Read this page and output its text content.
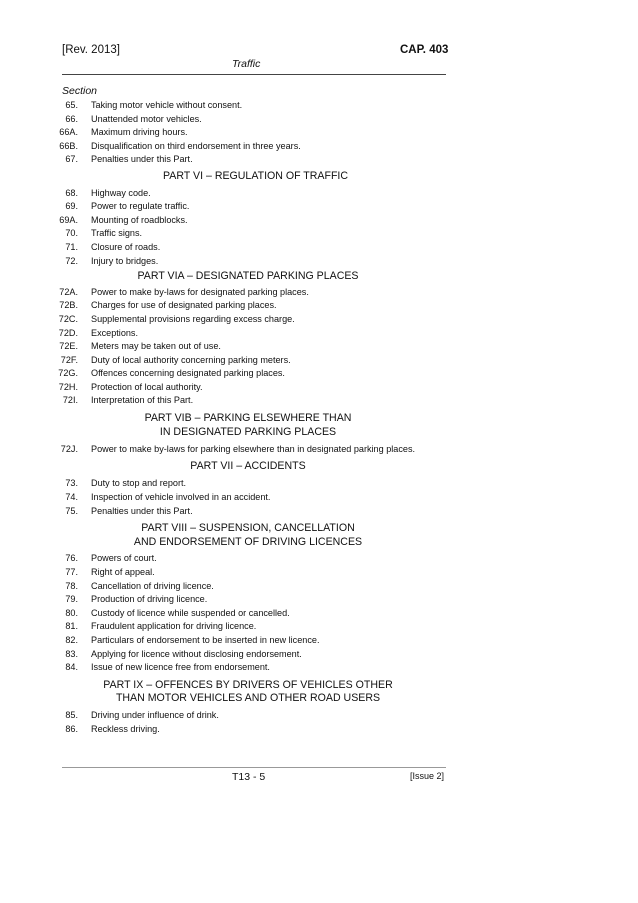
[Rev. 2013]	CAP. 403
Traffic
Section
65.	Taking motor vehicle without consent.
66.	Unattended motor vehicles.
66A.	Maximum driving hours.
66B.	Disqualification on third endorsement in three years.
67.	Penalties under this Part.
PART VI – REGULATION OF TRAFFIC
68.	Highway code.
69.	Power to regulate traffic.
69A.	Mounting of roadblocks.
70.	Traffic signs.
71.	Closure of roads.
72.	Injury to bridges.
PART VIA – DESIGNATED PARKING PLACES
72A.	Power to make by-laws for designated parking places.
72B.	Charges for use of designated parking places.
72C.	Supplemental provisions regarding excess charge.
72D.	Exceptions.
72E.	Meters may be taken out of use.
72F.	Duty of local authority concerning parking meters.
72G.	Offences concerning designated parking places.
72H.	Protection of local authority.
72I.	Interpretation of this Part.
PART VIB – PARKING ELSEWHERE THAN
IN DESIGNATED PARKING PLACES
72J.	Power to make by-laws for parking elsewhere than in designated parking places.
PART VII – ACCIDENTS
73.	Duty to stop and report.
74.	Inspection of vehicle involved in an accident.
75.	Penalties under this Part.
PART VIII – SUSPENSION, CANCELLATION
AND ENDORSEMENT OF DRIVING LICENCES
76.	Powers of court.
77.	Right of appeal.
78.	Cancellation of driving licence.
79.	Production of driving licence.
80.	Custody of licence while suspended or cancelled.
81.	Fraudulent application for driving licence.
82.	Particulars of endorsement to be inserted in new licence.
83.	Applying for licence without disclosing endorsement.
84.	Issue of new licence free from endorsement.
PART IX – OFFENCES BY DRIVERS OF VEHICLES OTHER
THAN MOTOR VEHICLES AND OTHER ROAD USERS
85.	Driving under influence of drink.
86.	Reckless driving.
T13 - 5	[Issue 2]
